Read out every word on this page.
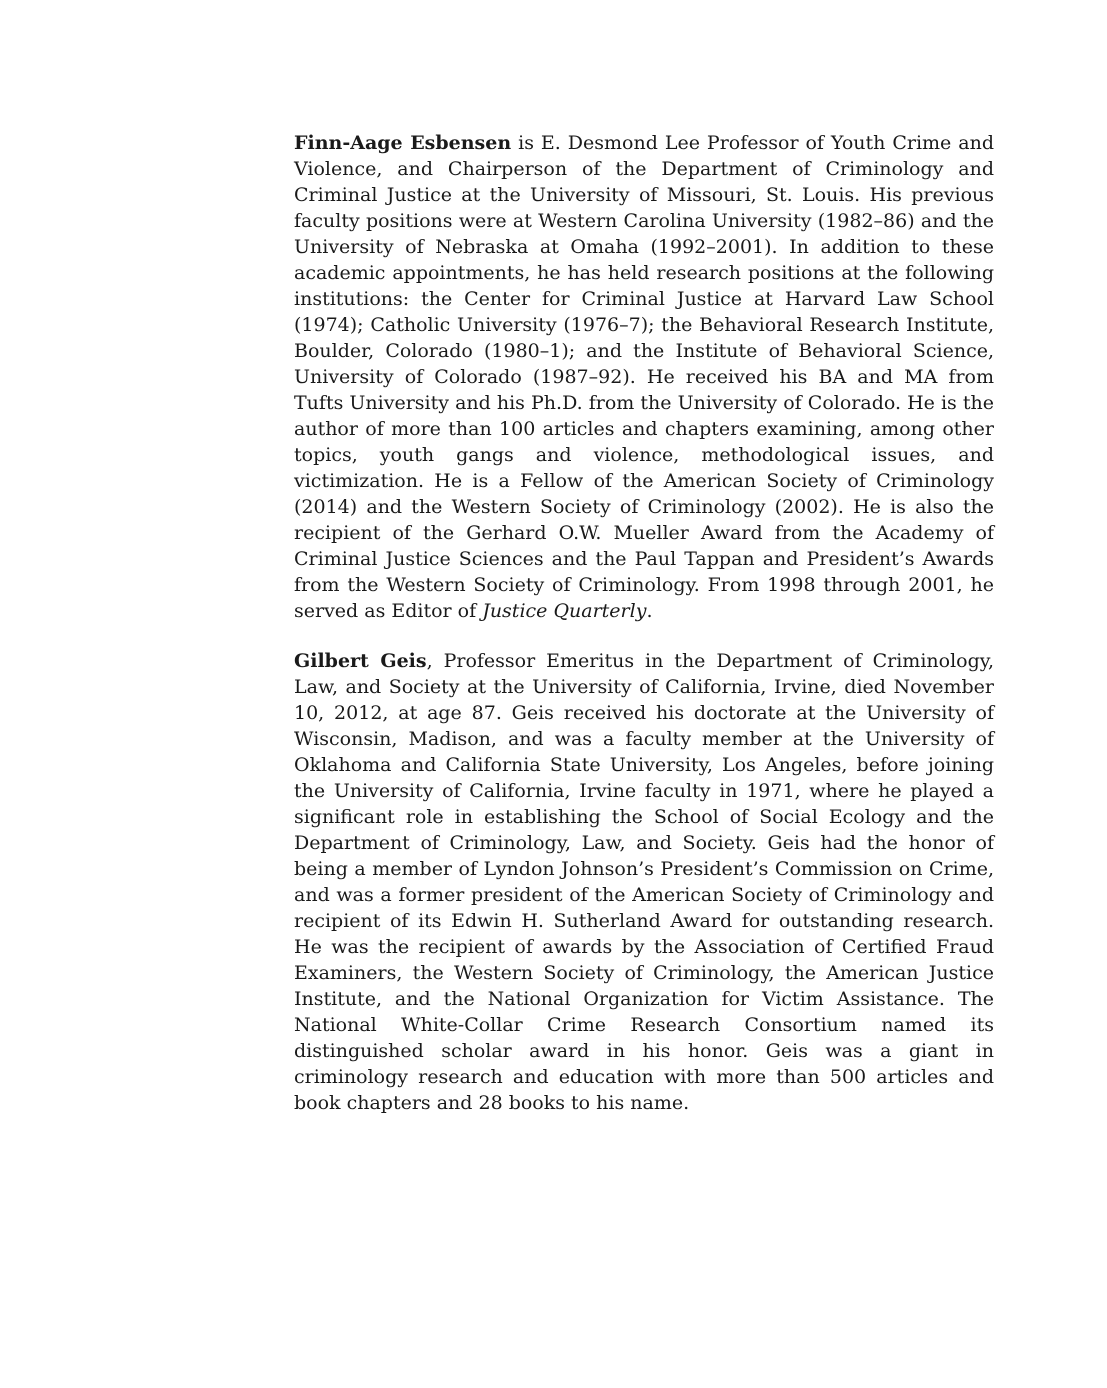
Finn-Aage Esbensen is E. Desmond Lee Professor of Youth Crime and Violence, and Chairperson of the Department of Criminology and Criminal Justice at the University of Missouri, St. Louis. His previous faculty positions were at Western Carolina University (1982–86) and the University of Nebraska at Omaha (1992–2001). In addition to these academic appointments, he has held research positions at the following institutions: the Center for Criminal Justice at Harvard Law School (1974); Catholic University (1976–7); the Behavioral Research Institute, Boulder, Colorado (1980–1); and the Institute of Behavioral Science, University of Colorado (1987–92). He received his BA and MA from Tufts University and his Ph.D. from the University of Colorado. He is the author of more than 100 articles and chapters examining, among other topics, youth gangs and violence, methodological issues, and victimization. He is a Fellow of the American Society of Criminology (2014) and the Western Society of Criminology (2002). He is also the recipient of the Gerhard O.W. Mueller Award from the Academy of Criminal Justice Sciences and the Paul Tappan and President’s Awards from the Western Society of Criminology. From 1998 through 2001, he served as Editor of Justice Quarterly.

Gilbert Geis, Professor Emeritus in the Department of Criminology, Law, and Society at the University of California, Irvine, died November 10, 2012, at age 87. Geis received his doctorate at the University of Wisconsin, Madison, and was a faculty member at the University of Oklahoma and California State University, Los Angeles, before joining the University of California, Irvine faculty in 1971, where he played a significant role in establishing the School of Social Ecology and the Department of Criminology, Law, and Society. Geis had the honor of being a member of Lyndon Johnson’s President’s Commission on Crime, and was a former president of the American Society of Criminology and recipient of its Edwin H. Sutherland Award for outstanding research. He was the recipient of awards by the Association of Certified Fraud Examiners, the Western Society of Criminology, the American Justice Institute, and the National Organization for Victim Assistance. The National White-Collar Crime Research Consortium named its distinguished scholar award in his honor. Geis was a giant in criminology research and education with more than 500 articles and book chapters and 28 books to his name.
